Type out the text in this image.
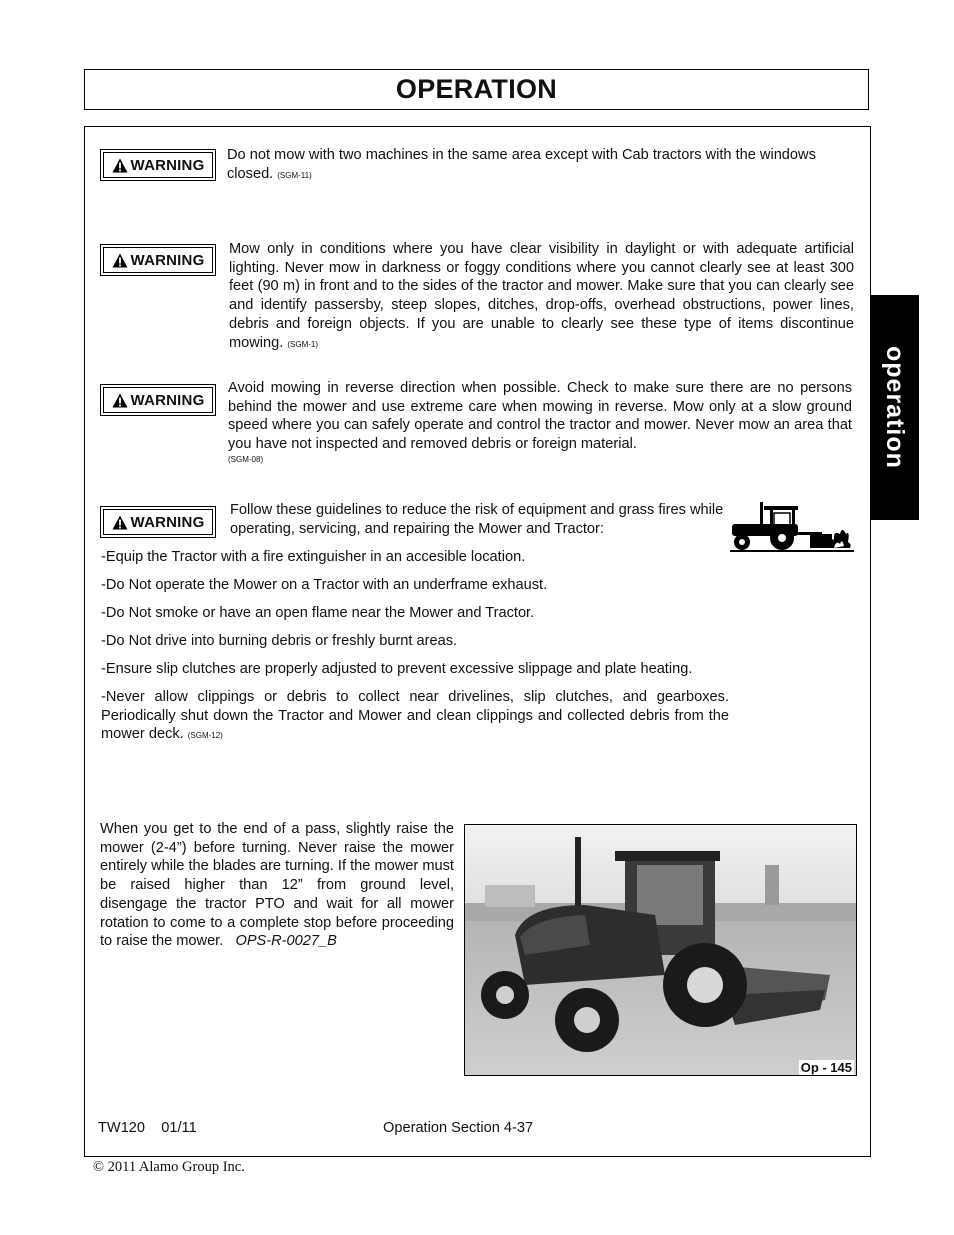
OPERATION
operation
WARNING

Do not mow with two machines in the same area except with Cab tractors with the windows closed. (SGM-11)

WARNING

Mow only in conditions where you have clear visibility in daylight or with adequate artificial lighting. Never mow in darkness or foggy conditions where you cannot clearly see at least 300 feet (90 m) in front and to the sides of the tractor and mower. Make sure that you can clearly see and identify passersby, steep slopes, ditches, drop-offs, overhead obstructions, power lines, debris and foreign objects. If you are unable to clearly see these type of items discontinue mowing. (SGM-1)

WARNING

Avoid mowing in reverse direction when possible. Check to make sure there are no persons behind the mower and use extreme care when mowing in reverse. Mow only at a slow ground speed where you can safely operate and control the tractor and mower. Never mow an area that you have not inspected and removed debris or foreign material.

(SGM-08)
WARNING

Follow these guidelines to reduce the risk of equipment and grass fires while operating, servicing, and repairing the Mower and Tractor:

-Equip the Tractor with a fire extinguisher in an accesible location.

-Do Not operate the Mower on a Tractor with an underframe exhaust.

-Do Not smoke or have an open flame near the Mower and Tractor.

-Do Not drive into burning debris or freshly burnt areas.

-Ensure slip clutches are properly adjusted to prevent excessive slippage and plate heating.

-Never allow clippings or debris to collect near drivelines, slip clutches, and gearboxes. Periodically shut down the Tractor and Mower and clean clippings and collected debris from the mower deck. (SGM-12)

When you get to the end of a pass, slightly raise the mower (2-4”) before turning. Never raise the mower entirely while the blades are turning. If the mower must be raised higher than 12” from ground level, disengage the tractor PTO and wait for all mower rotation to come to a complete stop before proceeding to raise the mower. OPS-R-0027_B

Op - 145
TW120 01/11	Operation Section 4-37
© 2011 Alamo Group Inc.
